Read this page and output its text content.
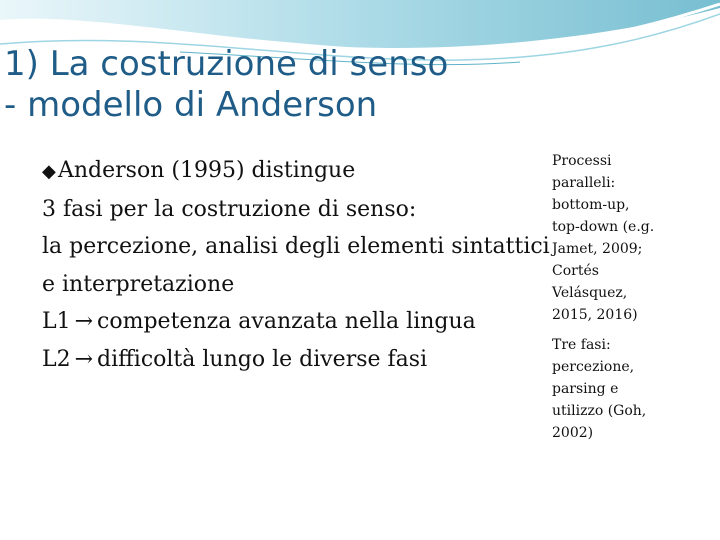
1) La costruzione di senso
- modello di Anderson
◆Anderson (1995) distingue
3 fasi per la costruzione di senso:
la percezione, analisi degli elementi sintattici
e interpretazione
L1 → competenza avanzata nella lingua
L2 → difficoltà lungo le diverse fasi
Processi
paralleli:
bottom-up,
top-down (e.g.
Jamet, 2009;
Cortés
Velásquez,
2015, 2016)
Tre fasi:
percezione,
parsing e
utilizzo (Goh,
2002)
